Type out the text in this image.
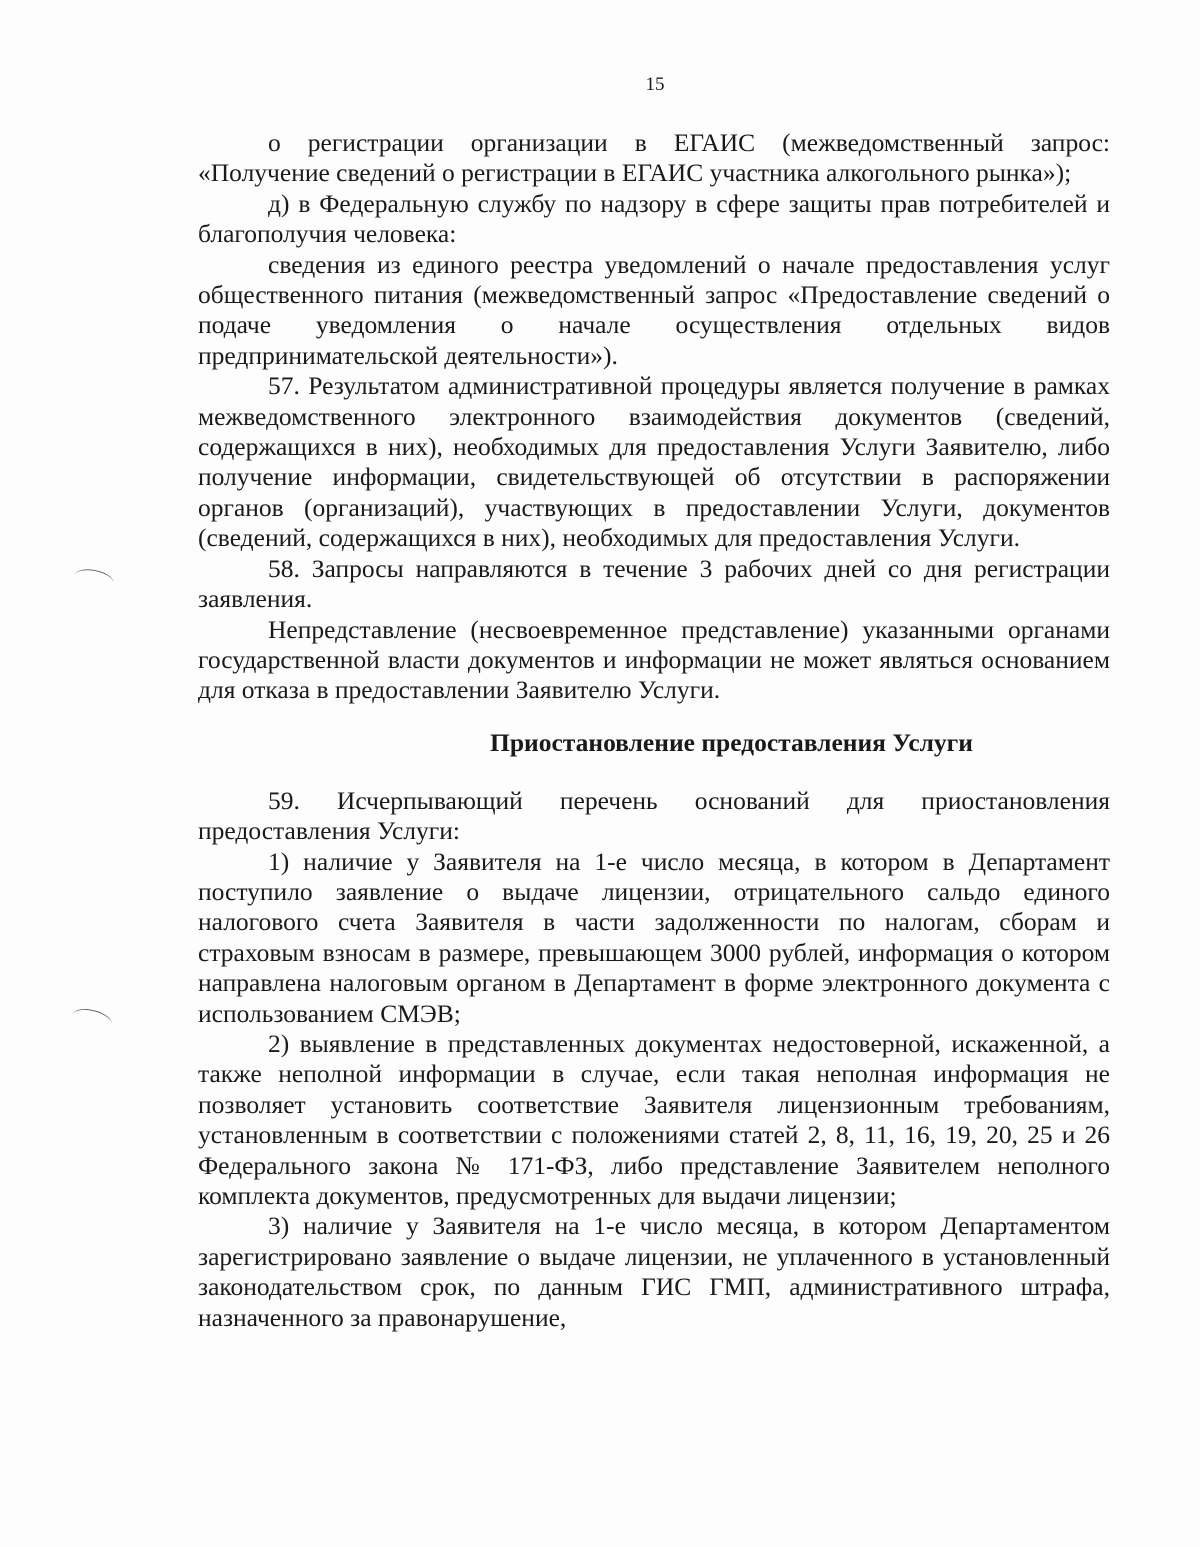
15

о регистрации организации в ЕГАИС (межведомственный запрос: «Получение сведений о регистрации в ЕГАИС участника алкогольного рынка»);

д) в Федеральную службу по надзору в сфере защиты прав потребителей и благополучия человека:

сведения из единого реестра уведомлений о начале предоставления услуг общественного питания (межведомственный запрос «Предоставление сведений о подаче уведомления о начале осуществления отдельных видов предпринимательской деятельности»).

57. Результатом административной процедуры является получение в рамках межведомственного электронного взаимодействия документов (сведений, содержащихся в них), необходимых для предоставления Услуги Заявителю, либо получение информации, свидетельствующей об отсутствии в распоряжении органов (организаций), участвующих в предоставлении Услуги, документов (сведений, содержащихся в них), необходимых для предоставления Услуги.

58. Запросы направляются в течение 3 рабочих дней со дня регистрации заявления.

Непредставление (несвоевременное представление) указанными органами государственной власти документов и информации не может являться основанием для отказа в предоставлении Заявителю Услуги.

Приостановление предоставления Услуги

59. Исчерпывающий перечень оснований для приостановления предоставления Услуги:

1) наличие у Заявителя на 1-е число месяца, в котором в Департамент поступило заявление о выдаче лицензии, отрицательного сальдо единого налогового счета Заявителя в части задолженности по налогам, сборам и страховым взносам в размере, превышающем 3000 рублей, информация о котором направлена налоговым органом в Департамент в форме электронного документа с использованием СМЭВ;

2) выявление в представленных документах недостоверной, искаженной, а также неполной информации в случае, если такая неполная информация не позволяет установить соответствие Заявителя лицензионным требованиям, установленным в соответствии с положениями статей 2, 8, 11, 16, 19, 20, 25 и 26 Федерального закона № 171-ФЗ, либо представление Заявителем неполного комплекта документов, предусмотренных для выдачи лицензии;

3) наличие у Заявителя на 1-е число месяца, в котором Департаментом зарегистрировано заявление о выдаче лицензии, не уплаченного в установленный законодательством срок, по данным ГИС ГМП, административного штрафа, назначенного за правонарушение,
